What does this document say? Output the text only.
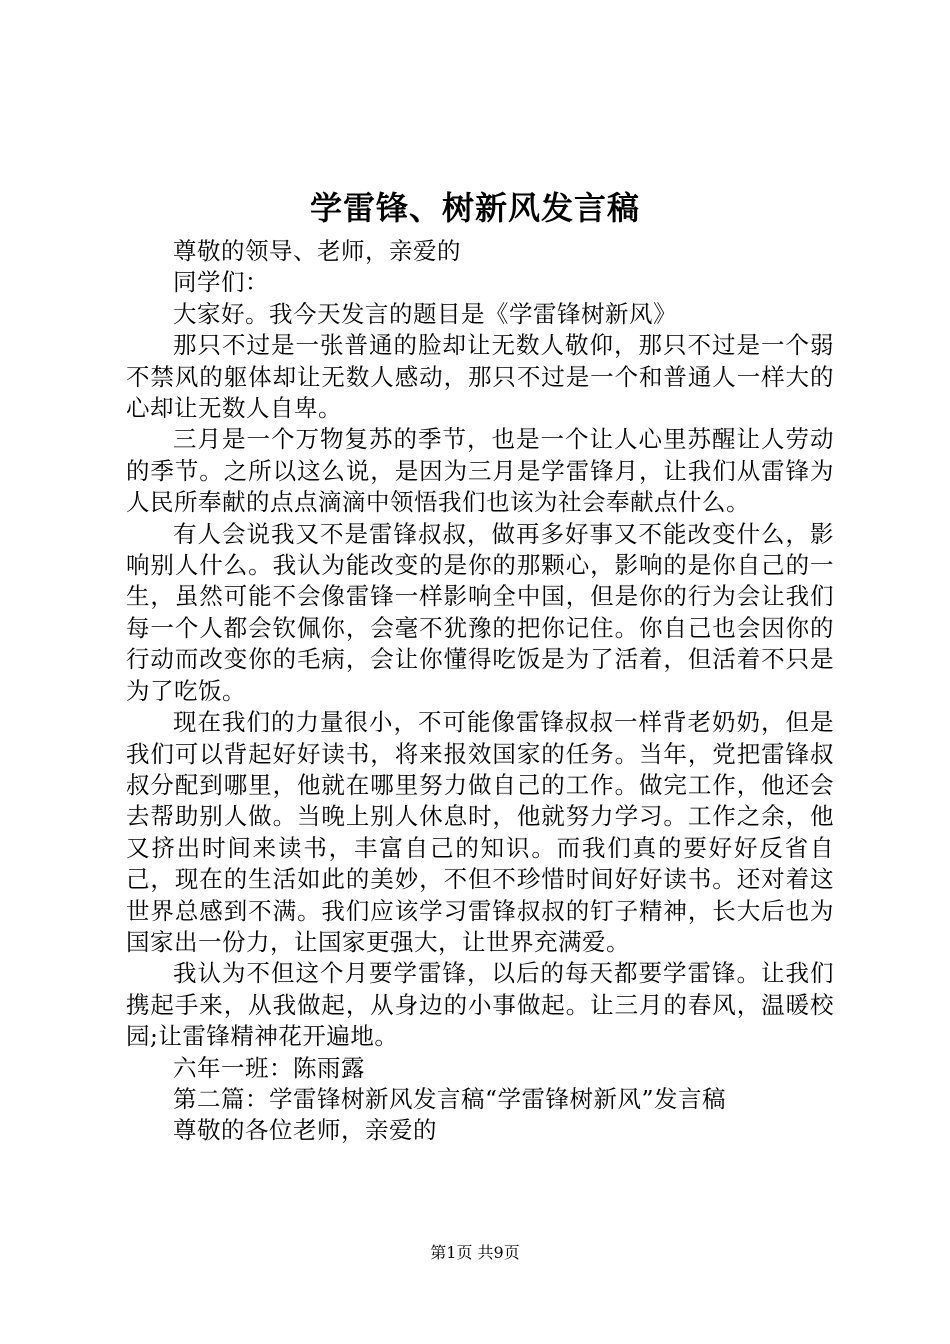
学雷锋、树新风发言稿

尊敬的领导、老师，亲爱的

同学们：

大家好。我今天发言的题目是《学雷锋树新风》

那只不过是一张普通的脸却让无数人敬仰，那只不过是一个弱不禁风的躯体却让无数人感动，那只不过是一个和普通人一样大的心却让无数人自卑。

三月是一个万物复苏的季节，也是一个让人心里苏醒让人劳动的季节。之所以这么说，是因为三月是学雷锋月，让我们从雷锋为人民所奉献的点点滴滴中领悟我们也该为社会奉献点什么。

有人会说我又不是雷锋叔叔，做再多好事又不能改变什么，影响别人什么。我认为能改变的是你的那颗心，影响的是你自己的一生，虽然可能不会像雷锋一样影响全中国，但是你的行为会让我们每一个人都会钦佩你，会毫不犹豫的把你记住。你自己也会因你的行动而改变你的毛病，会让你懂得吃饭是为了活着，但活着不只是为了吃饭。

现在我们的力量很小，不可能像雷锋叔叔一样背老奶奶，但是我们可以背起好好读书，将来报效国家的任务。当年，党把雷锋叔叔分配到哪里，他就在哪里努力做自己的工作。做完工作，他还会去帮助别人做。当晚上别人休息时，他就努力学习。工作之余，他又挤出时间来读书，丰富自己的知识。而我们真的要好好反省自己，现在的生活如此的美妙，不但不珍惜时间好好读书。还对着这世界总感到不满。我们应该学习雷锋叔叔的钉子精神，长大后也为国家出一份力，让国家更强大，让世界充满爱。

我认为不但这个月要学雷锋，以后的每天都要学雷锋。让我们携起手来，从我做起，从身边的小事做起。让三月的春风，温暖校园;让雷锋精神花开遍地。

六年一班：陈雨露

第二篇：学雷锋树新风发言稿“学雷锋树新风”发言稿

尊敬的各位老师，亲爱的

第1页 共9页
